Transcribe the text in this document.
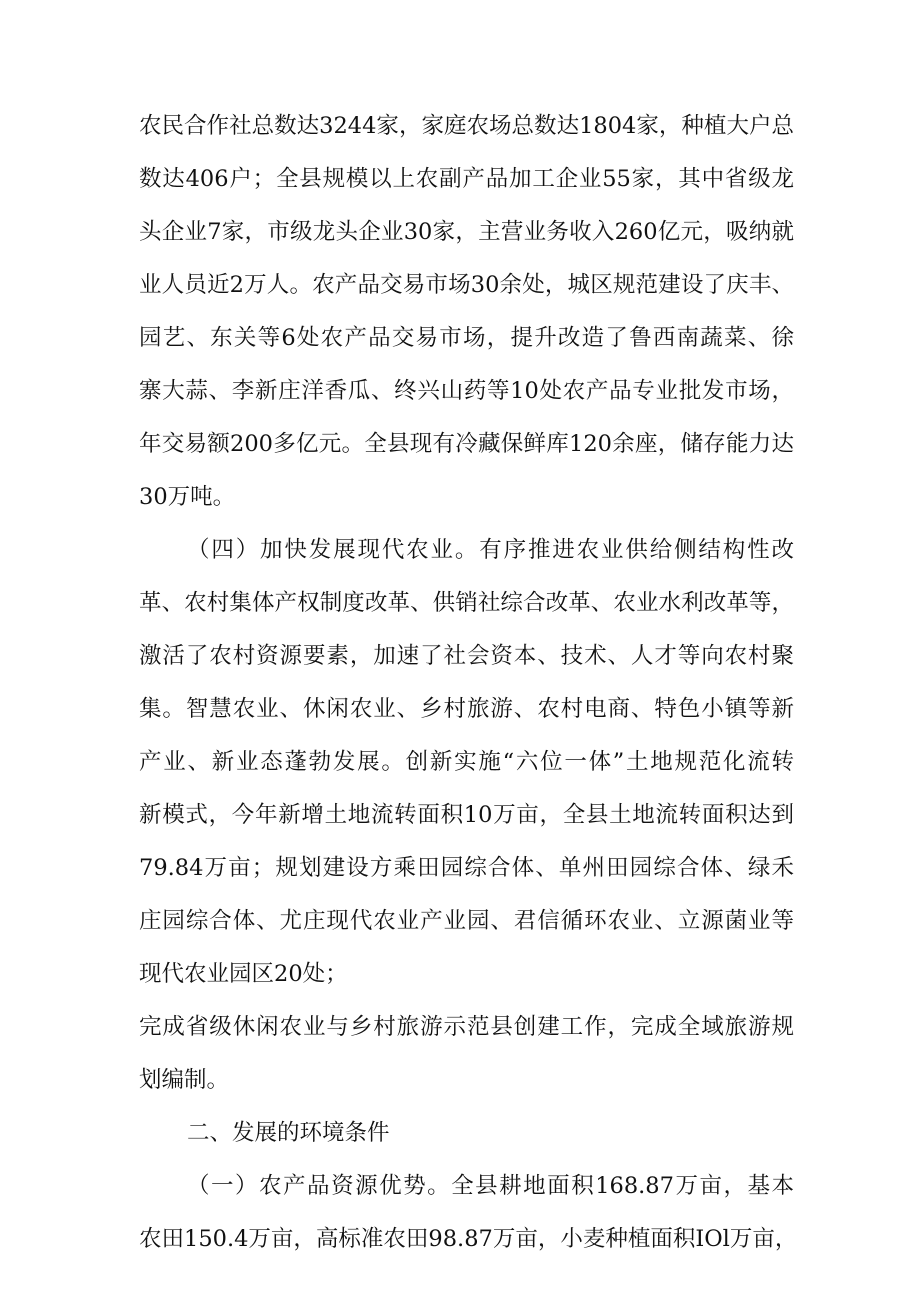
农民合作社总数达3244家，家庭农场总数达1804家，种植大户总
数达406户；全县规模以上农副产品加工企业55家，其中省级龙
头企业7家，市级龙头企业30家，主营业务收入260亿元，吸纳就
业人员近2万人。农产品交易市场30余处，城区规范建设了庆丰、
园艺、东关等6处农产品交易市场，提升改造了鲁西南蔬菜、徐
寨大蒜、李新庄洋香瓜、终兴山药等10处农产品专业批发市场，
年交易额200多亿元。全县现有冷藏保鲜库120余座，储存能力达
30万吨。
（四）加快发展现代农业。有序推进农业供给侧结构性改
革、农村集体产权制度改革、供销社综合改革、农业水利改革等，
激活了农村资源要素，加速了社会资本、技术、人才等向农村聚
集。智慧农业、休闲农业、乡村旅游、农村电商、特色小镇等新
产业、新业态蓬勃发展。创新实施“六位一体”土地规范化流转
新模式，今年新增土地流转面积10万亩，全县土地流转面积达到
79.84万亩；规划建设方乘田园综合体、单州田园综合体、绿禾
庄园综合体、尤庄现代农业产业园、君信循环农业、立源菌业等
现代农业园区20处；
完成省级休闲农业与乡村旅游示范县创建工作，完成全域旅游规
划编制。
二、发展的环境条件
（一）农产品资源优势。全县耕地面积168.87万亩，基本
农田150.4万亩，高标准农田98.87万亩，小麦种植面积IOl万亩，
